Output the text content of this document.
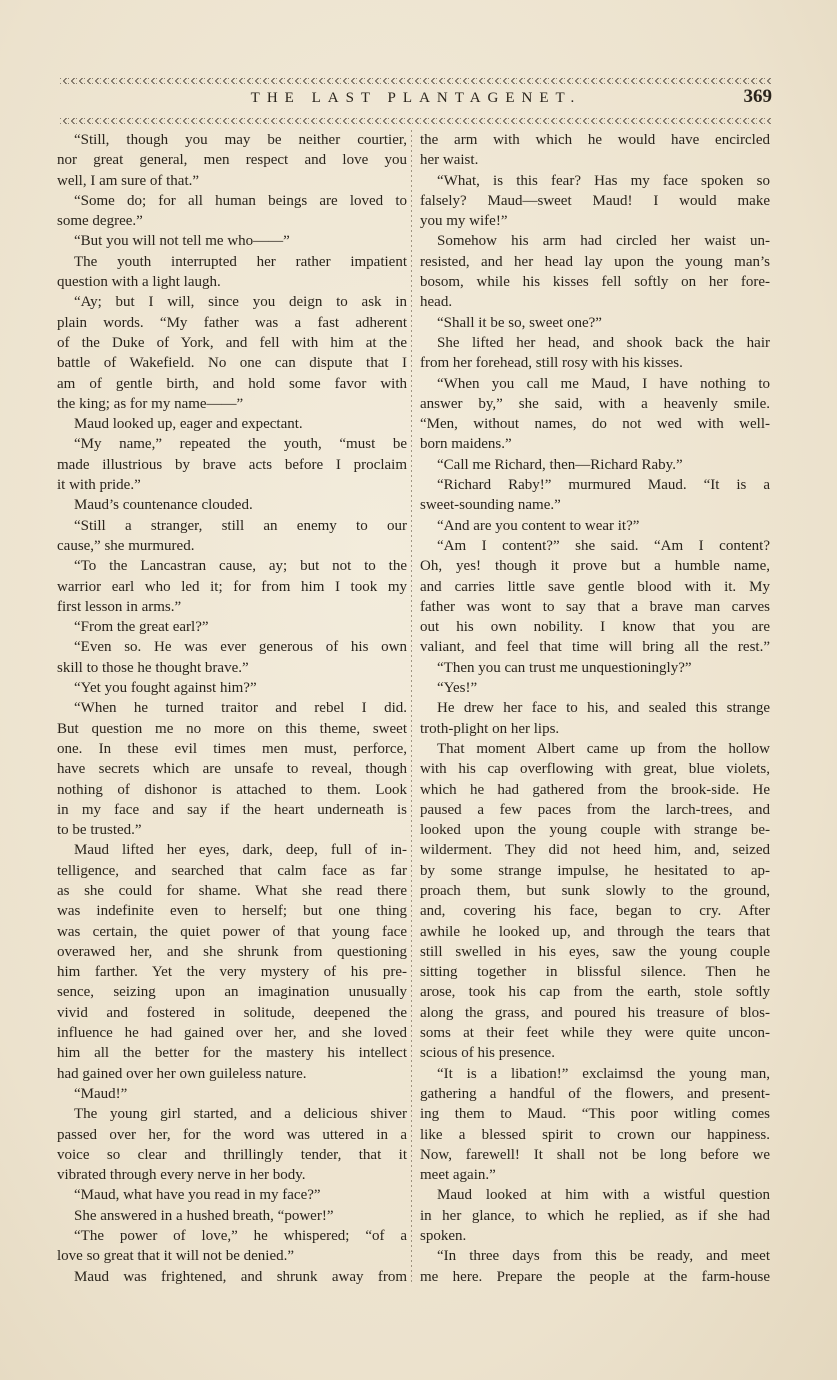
THE LAST PLANTAGENET.	369
“Still, though you may be neither courtier,
nor great general, men respect and love you
well, I am sure of that.”
“Some do; for all human beings are loved to
some degree.”
“But you will not tell me who——”
The youth interrupted her rather impatient
question with a light laugh.
“Ay; but I will, since you deign to ask in
plain words. “My father was a fast adherent
of the Duke of York, and fell with him at the
battle of Wakefield. No one can dispute that I
am of gentle birth, and hold some favor with
the king; as for my name——”
Maud looked up, eager and expectant.
“My name,” repeated the youth, “must be
made illustrious by brave acts before I proclaim
it with pride.”
Maud’s countenance clouded.
“Still a stranger, still an enemy to our
cause,” she murmured.
“To the Lancastran cause, ay; but not to the
warrior earl who led it; for from him I took my
first lesson in arms.”
“From the great earl?”
“Even so. He was ever generous of his own
skill to those he thought brave.”
“Yet you fought against him?”
“When he turned traitor and rebel I did.
But question me no more on this theme, sweet
one. In these evil times men must, perforce,
have secrets which are unsafe to reveal, though
nothing of dishonor is attached to them. Look
in my face and say if the heart underneath is
to be trusted.”
Maud lifted her eyes, dark, deep, full of in-
telligence, and searched that calm face as far
as she could for shame. What she read there
was indefinite even to herself; but one thing
was certain, the quiet power of that young face
overawed her, and she shrunk from questioning
him farther. Yet the very mystery of his pre-
sence, seizing upon an imagination unusually
vivid and fostered in solitude, deepened the
influence he had gained over her, and she loved
him all the better for the mastery his intellect
had gained over her own guileless nature.
“Maud!”
The young girl started, and a delicious shiver
passed over her, for the word was uttered in a
voice so clear and thrillingly tender, that it
vibrated through every nerve in her body.
“Maud, what have you read in my face?”
She answered in a hushed breath, “power!”
“The power of love,” he whispered; “of a
love so great that it will not be denied.”
Maud was frightened, and shrunk away from
the arm with which he would have encircled
her waist.
“What, is this fear? Has my face spoken so
falsely? Maud—sweet Maud! I would make
you my wife!”
Somehow his arm had circled her waist un-
resisted, and her head lay upon the young man’s
bosom, while his kisses fell softly on her fore-
head.
“Shall it be so, sweet one?”
She lifted her head, and shook back the hair
from her forehead, still rosy with his kisses.
“When you call me Maud, I have nothing to
answer by,” she said, with a heavenly smile.
“Men, without names, do not wed with well-
born maidens.”
“Call me Richard, then—Richard Raby.”
“Richard Raby!” murmured Maud. “It is a
sweet-sounding name.”
“And are you content to wear it?”
“Am I content?” she said. “Am I content?
Oh, yes! though it prove but a humble name,
and carries little save gentle blood with it. My
father was wont to say that a brave man carves
out his own nobility. I know that you are
valiant, and feel that time will bring all the rest.”
“Then you can trust me unquestioningly?”
“Yes!”
He drew her face to his, and sealed this strange
troth-plight on her lips.
That moment Albert came up from the hollow
with his cap overflowing with great, blue violets,
which he had gathered from the brook-side. He
paused a few paces from the larch-trees, and
looked upon the young couple with strange be-
wilderment. They did not heed him, and, seized
by some strange impulse, he hesitated to ap-
proach them, but sunk slowly to the ground,
and, covering his face, began to cry. After
awhile he looked up, and through the tears that
still swelled in his eyes, saw the young couple
sitting together in blissful silence. Then he
arose, took his cap from the earth, stole softly
along the grass, and poured his treasure of blos-
soms at their feet while they were quite uncon-
scious of his presence.
“It is a libation!” exclaimsd the young man,
gathering a handful of the flowers, and present-
ing them to Maud. “This poor witling comes
like a blessed spirit to crown our happiness.
Now, farewell! It shall not be long before we
meet again.”
Maud looked at him with a wistful question
in her glance, to which he replied, as if she had
spoken.
“In three days from this be ready, and meet
me here. Prepare the people at the farm-house
